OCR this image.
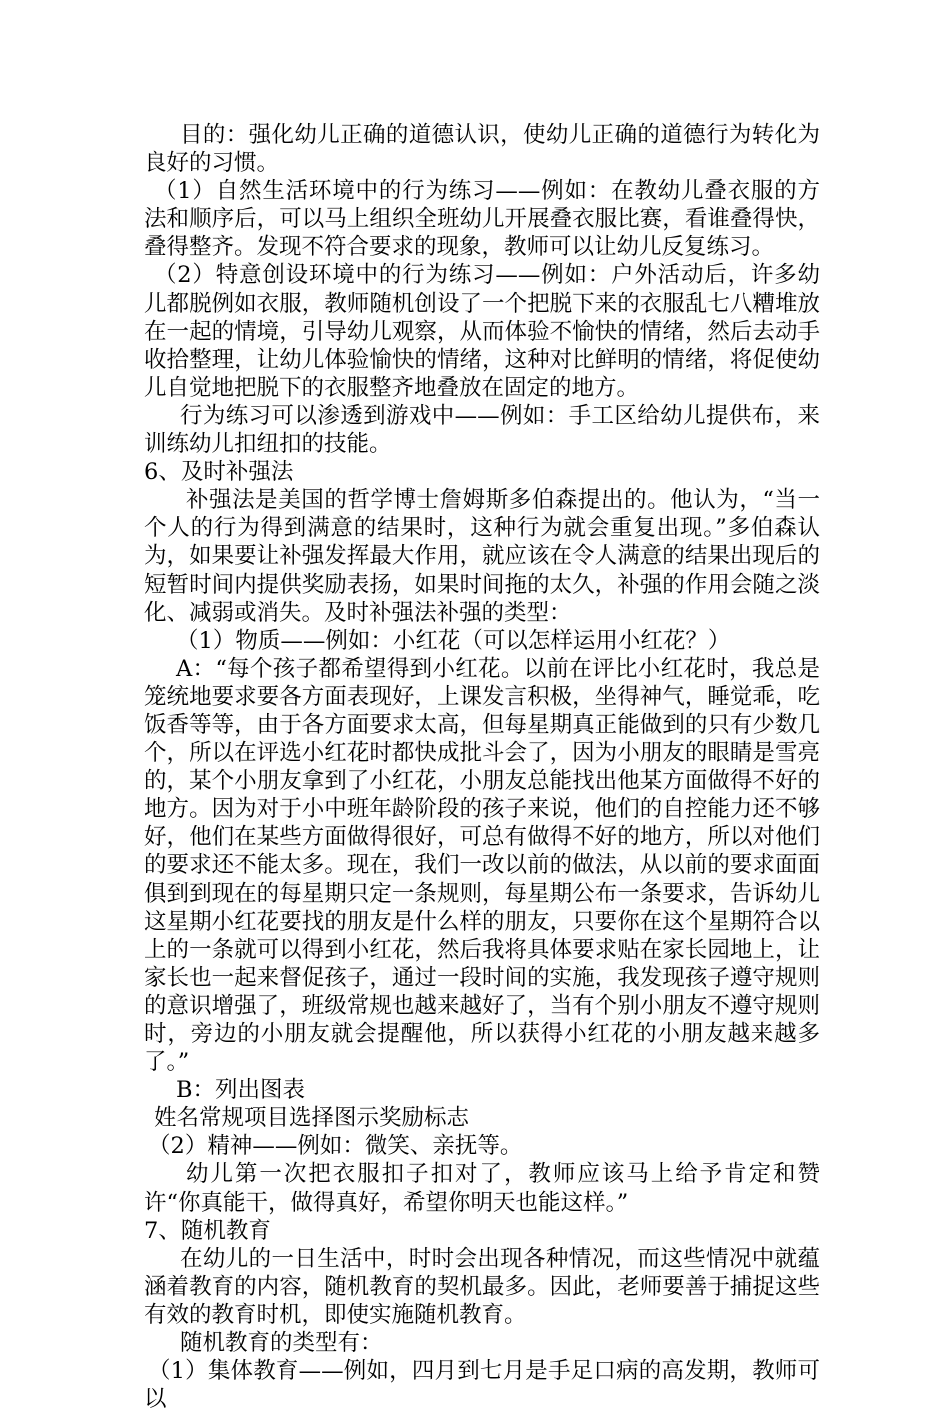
目的：强化幼儿正确的道德认识，使幼儿正确的道德行为转化为良好的习惯。

（1）自然生活环境中的行为练习——例如：在教幼儿叠衣服的方法和顺序后，可以马上组织全班幼儿开展叠衣服比赛，看谁叠得快，叠得整齐。发现不符合要求的现象，教师可以让幼儿反复练习。

（2）特意创设环境中的行为练习——例如：户外活动后，许多幼儿都脱例如衣服，教师随机创设了一个把脱下来的衣服乱七八糟堆放在一起的情境，引导幼儿观察，从而体验不愉快的情绪，然后去动手收拾整理，让幼儿体验愉快的情绪，这种对比鲜明的情绪，将促使幼儿自觉地把脱下的衣服整齐地叠放在固定的地方。

行为练习可以渗透到游戏中——例如：手工区给幼儿提供布，来训练幼儿扣纽扣的技能。

6、及时补强法

补强法是美国的哲学博士詹姆斯多伯森提出的。他认为，“当一个人的行为得到满意的结果时，这种行为就会重复出现。”多伯森认为，如果要让补强发挥最大作用，就应该在令人满意的结果出现后的短暂时间内提供奖励表扬，如果时间拖的太久，补强的作用会随之淡化、减弱或消失。及时补强法补强的类型：

（1）物质——例如：小红花（可以怎样运用小红花？）

A：“每个孩子都希望得到小红花。以前在评比小红花时，我总是笼统地要求要各方面表现好，上课发言积极，坐得神气，睡觉乖，吃饭香等等，由于各方面要求太高，但每星期真正能做到的只有少数几个，所以在评选小红花时都快成批斗会了，因为小朋友的眼睛是雪亮的，某个小朋友拿到了小红花，小朋友总能找出他某方面做得不好的地方。因为对于小中班年龄阶段的孩子来说，他们的自控能力还不够好，他们在某些方面做得很好，可总有做得不好的地方，所以对他们的要求还不能太多。现在，我们一改以前的做法，从以前的要求面面俱到到现在的每星期只定一条规则，每星期公布一条要求，告诉幼儿这星期小红花要找的朋友是什么样的朋友，只要你在这个星期符合以上的一条就可以得到小红花，然后我将具体要求贴在家长园地上，让家长也一起来督促孩子，通过一段时间的实施，我发现孩子遵守规则的意识增强了，班级常规也越来越好了，当有个别小朋友不遵守规则时，旁边的小朋友就会提醒他，所以获得小红花的小朋友越来越多了。”

B：列出图表

姓名常规项目选择图示奖励标志

（2）精神——例如：微笑、亲抚等。

幼儿第一次把衣服扣子扣对了，教师应该马上给予肯定和赞许“你真能干，做得真好，希望你明天也能这样。”

7、随机教育

在幼儿的一日生活中，时时会出现各种情况，而这些情况中就蕴涵着教育的内容，随机教育的契机最多。因此，老师要善于捕捉这些有效的教育时机，即使实施随机教育。

随机教育的类型有：

（1）集体教育——例如，四月到七月是手足口病的高发期，教师可以
